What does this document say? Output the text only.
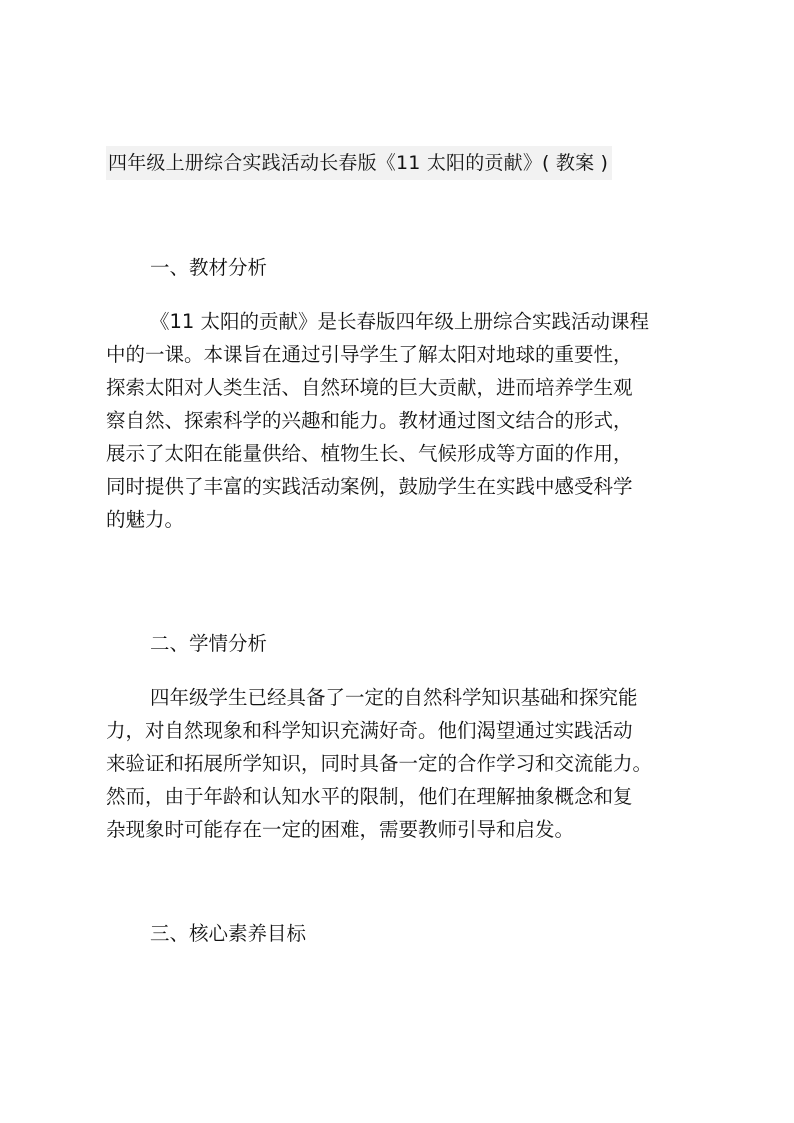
四年级上册综合实践活动长春版《11 太阳的贡献》( 教案 )
一、教材分析
《11 太阳的贡献》是长春版四年级上册综合实践活动课程
中的一课。本课旨在通过引导学生了解太阳对地球的重要性，
探索太阳对人类生活、自然环境的巨大贡献，进而培养学生观
察自然、探索科学的兴趣和能力。教材通过图文结合的形式，
展示了太阳在能量供给、植物生长、气候形成等方面的作用，
同时提供了丰富的实践活动案例，鼓励学生在实践中感受科学
的魅力。
二、学情分析
四年级学生已经具备了一定的自然科学知识基础和探究能
力，对自然现象和科学知识充满好奇。他们渴望通过实践活动
来验证和拓展所学知识，同时具备一定的合作学习和交流能力。
然而，由于年龄和认知水平的限制，他们在理解抽象概念和复
杂现象时可能存在一定的困难，需要教师引导和启发。
三、核心素养目标
